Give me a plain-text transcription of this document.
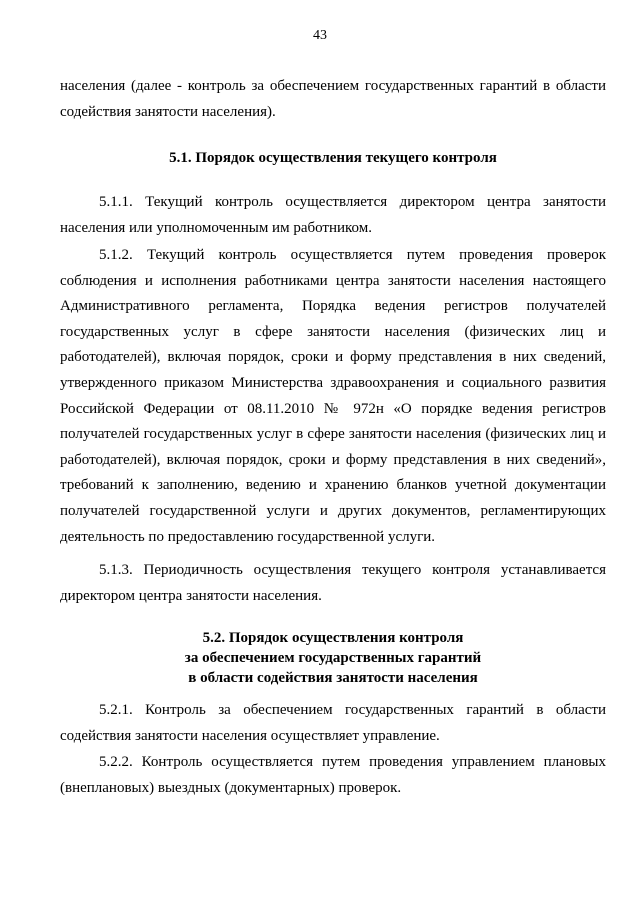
43

населения (далее - контроль за обеспечением государственных гарантий в области содействия занятости населения).

5.1. Порядок осуществления текущего контроля

5.1.1. Текущий контроль осуществляется директором центра занятости населения или уполномоченным им работником.

5.1.2. Текущий контроль осуществляется путем проведения проверок соблюдения и исполнения работниками центра занятости населения настоящего Административного регламента, Порядка ведения регистров получателей государственных услуг в сфере занятости населения (физических лиц и работодателей), включая порядок, сроки и форму представления в них сведений, утвержденного приказом Министерства здравоохранения и социального развития Российской Федерации от 08.11.2010 № 972н «О порядке ведения регистров получателей государственных услуг в сфере занятости населения (физических лиц и работодателей), включая порядок, сроки и форму представления в них сведений», требований к заполнению, ведению и хранению бланков учетной документации получателей государственной услуги и других документов, регламентирующих деятельность по предоставлению государственной услуги.

5.1.3. Периодичность осуществления текущего контроля устанавливается директором центра занятости населения.

5.2. Порядок осуществления контроля
за обеспечением государственных гарантий
в области содействия занятости населения

5.2.1. Контроль за обеспечением государственных гарантий в области содействия занятости населения осуществляет управление.

5.2.2. Контроль осуществляется путем проведения управлением плановых (внеплановых) выездных (документарных) проверок.
